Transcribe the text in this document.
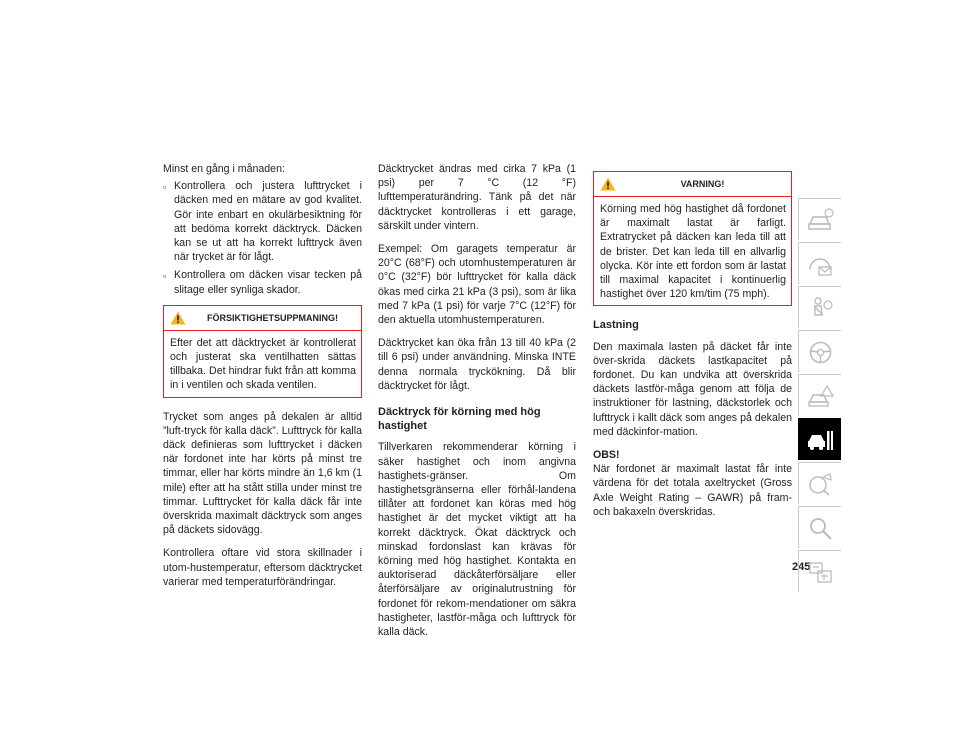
Minst en gång i månaden:

▫ Kontrollera och justera lufttrycket i däcken med en mätare av god kvalitet. Gör inte enbart en okulärbesiktning för att bedöma korrekt däcktryck. Däcken kan se ut att ha korrekt lufttryck även när trycket är för lågt.
▫ Kontrollera om däcken visar tecken på slitage eller synliga skador.
FÖRSIKTIGHETSUPPMANING!
Efter det att däcktrycket är kontrollerat och justerat ska ventilhatten sättas tillbaka. Det hindrar fukt från att komma in i ventilen och skada ventilen.

Trycket som anges på dekalen är alltid ”luft-tryck för kalla däck”. Lufttryck för kalla däck definieras som lufttrycket i däcken när fordonet inte har körts på minst tre timmar, eller har körts mindre än 1,6 km (1 mile) efter att ha stått stilla under minst tre timmar. Lufttrycket för kalla däck får inte överskrida maximalt däcktryck som anges på däckets sidovägg.

Kontrollera oftare vid stora skillnader i utom-hustemperatur, eftersom däcktrycket varierar med temperaturförändringar.

Däcktrycket ändras med cirka 7 kPa (1 psi) per 7 °C (12 °F) lufttemperaturändring. Tänk på det när däcktrycket kontrolleras i ett garage, särskilt under vintern.

Exempel: Om garagets temperatur är 20°C (68°F) och utomhustemperaturen är 0°C (32°F) bör lufttrycket för kalla däck ökas med cirka 21 kPa (3 psi), som är lika med 7 kPa (1 psi) för varje 7°C (12°F) för den aktuella utomhustemperaturen.

Däcktrycket kan öka från 13 till 40 kPa (2 till 6 psi) under användning. Minska INTE denna normala tryckökning. Då blir däcktrycket för lågt.

Däcktryck för körning med hög hastighet

Tillverkaren rekommenderar körning i säker hastighet och inom angivna hastighets-gränser. Om hastighetsgränserna eller förhål-landena tillåter att fordonet kan köras med hög hastighet är det mycket viktigt att ha korrekt däcktryck. Ökat däcktryck och minskad fordonslast kan krävas för körning med hög hastighet. Kontakta en auktoriserad däckåterförsäljare eller återförsäljare av originalutrustning för fordonet för rekom-mendationer om säkra hastigheter, lastför-måga och lufttryck för kalla däck.

VARNING!
Körning med hög hastighet då fordonet är maximalt lastat är farligt. Extratrycket på däcken kan leda till att de brister. Det kan leda till en allvarlig olycka. Kör inte ett fordon som är lastat till maximal kapacitet i kontinuerlig hastighet över 120 km/tim (75 mph).
Lastning

Den maximala lasten på däcket får inte över-skrida däckets lastkapacitet på fordonet. Du kan undvika att överskrida däckets lastför-måga genom att följa de instruktioner för lastning, däckstorlek och lufttryck i kallt däck som anges på dekalen med däckinfor-mation.

OBS!

När fordonet är maximalt lastat får inte värdena för det totala axeltrycket (Gross Axle Weight Rating – GAWR) på fram- och bakaxeln överskridas.

245
